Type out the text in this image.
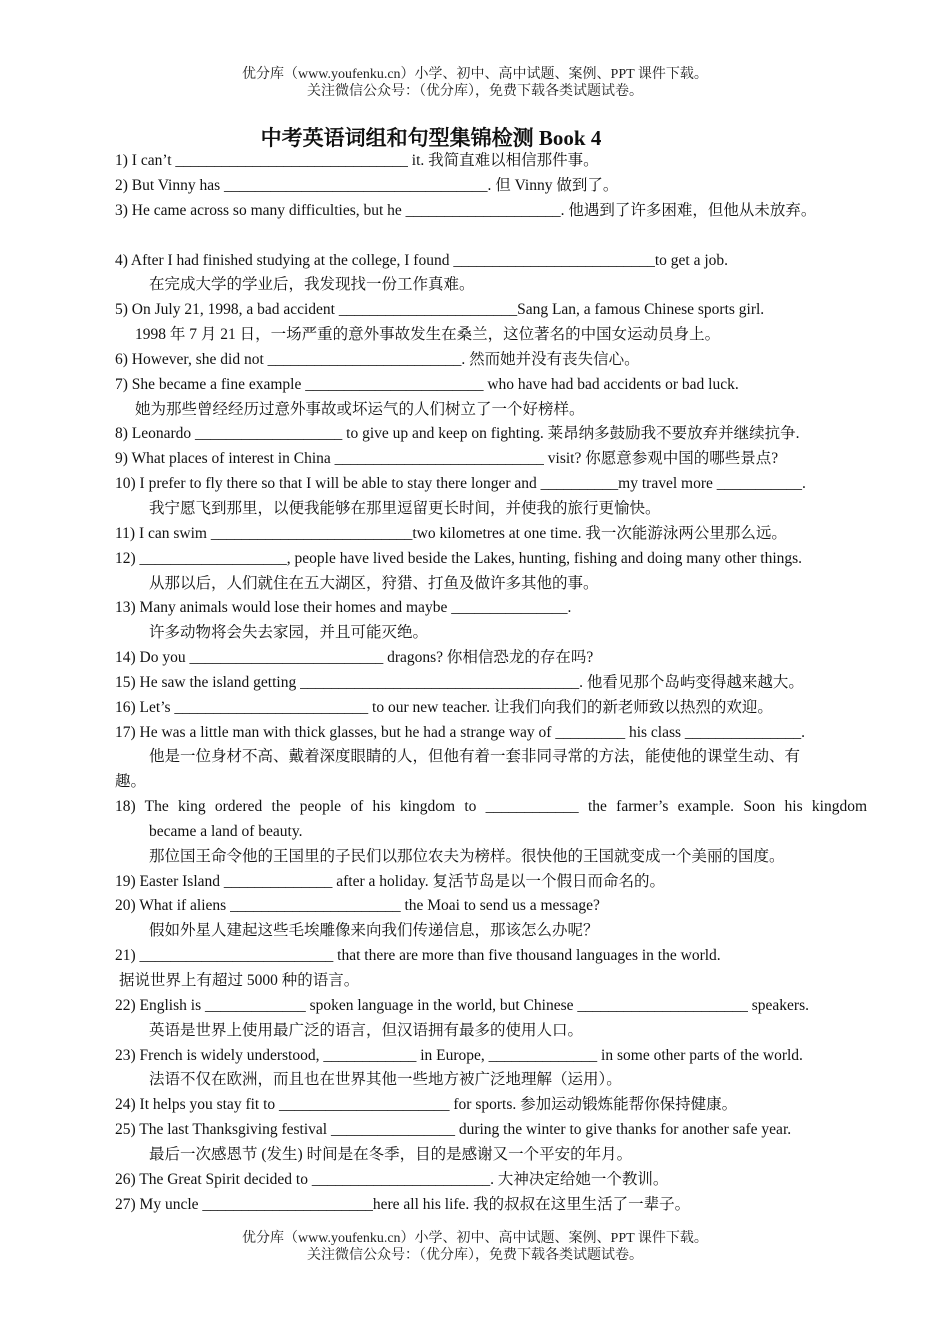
优分库（www.youfenku.cn）小学、初中、高中试题、案例、PPT 课件下载。
关注微信公众号：（优分库），免费下载各类试题试卷。
中考英语词组和句型集锦检测 Book 4
1) I can’t ______________________________ it. 我简直难以相信那件事。
2) But Vinny has __________________________________. 但 Vinny 做到了。
3) He came across so many difficulties, but he ____________________. 他遇到了许多困难，但他从未放弃。
4) After I had finished studying at the college, I found __________________________to get a job.
在完成大学的学业后，我发现找一份工作真难。
5) On July 21, 1998, a bad accident _______________________Sang Lan, a famous Chinese sports girl.
1998 年 7 月 21 日，一场严重的意外事故发生在桑兰，这位著名的中国女运动员身上。
6) However, she did not _________________________. 然而她并没有丧失信心。
7) She became a fine example _______________________ who have had bad accidents or bad luck.
她为那些曾经经历过意外事故或坏运气的人们树立了一个好榜样。
8) Leonardo ___________________ to give up and keep on fighting. 莱昂纳多鼓励我不要放弃并继续抗争.
9) What places of interest in China ___________________________ visit? 你愿意参观中国的哪些景点?
10) I prefer to fly there so that I will be able to stay there longer and __________my travel more ___________.
我宁愿飞到那里，以便我能够在那里逗留更长时间，并使我的旅行更愉快。
11) I can swim __________________________two kilometres at one time. 我一次能游泳两公里那么远。
12) ___________________, people have lived beside the Lakes, hunting, fishing and doing many other things.
从那以后，人们就住在五大湖区，狩猎、打鱼及做许多其他的事。
13) Many animals would lose their homes and maybe _______________.
许多动物将会失去家园，并且可能灭绝。
14) Do you _________________________ dragons? 你相信恐龙的存在吗?
15) He saw the island getting ____________________________________. 他看见那个岛屿变得越来越大。
16) Let’s _________________________ to our new teacher. 让我们向我们的新老师致以热烈的欢迎。
17) He was a little man with thick glasses, but he had a strange way of _________ his class _______________.
他是一位身材不高、戴着深度眼睛的人，但他有着一套非同寻常的方法，能使他的课堂生动、有
趣。
18) The king ordered the people of his kingdom to ____________ the farmer’s example. Soon his kingdom
became a land of beauty.
那位国王命令他的王国里的子民们以那位农夫为榜样。很快他的王国就变成一个美丽的国度。
19) Easter Island ______________ after a holiday. 复活节岛是以一个假日而命名的。
20) What if aliens ______________________ the Moai to send us a message?
假如外星人建起这些毛埃雕像来向我们传递信息，那该怎么办呢？
21) _________________________ that there are more than five thousand languages in the world.
据说世界上有超过 5000 种的语言。
22) English is _____________ spoken language in the world, but Chinese ______________________ speakers.
英语是世界上使用最广泛的语言，但汉语拥有最多的使用人口。
23) French is widely understood, ____________ in Europe, ______________ in some other parts of the world.
法语不仅在欧洲，而且也在世界其他一些地方被广泛地理解（运用）。
24) It helps you stay fit to ______________________ for sports. 参加运动锻炼能帮你保持健康。
25) The last Thanksgiving festival ________________ during the winter to give thanks for another safe year.
最后一次感恩节 (发生) 时间是在冬季，目的是感谢又一个平安的年月。
26) The Great Spirit decided to _______________________. 大神决定给她一个教训。
27) My uncle ______________________here all his life. 我的叔叔在这里生活了一辈子。
优分库（www.youfenku.cn）小学、初中、高中试题、案例、PPT 课件下载。
关注微信公众号：（优分库），免费下载各类试题试卷。
